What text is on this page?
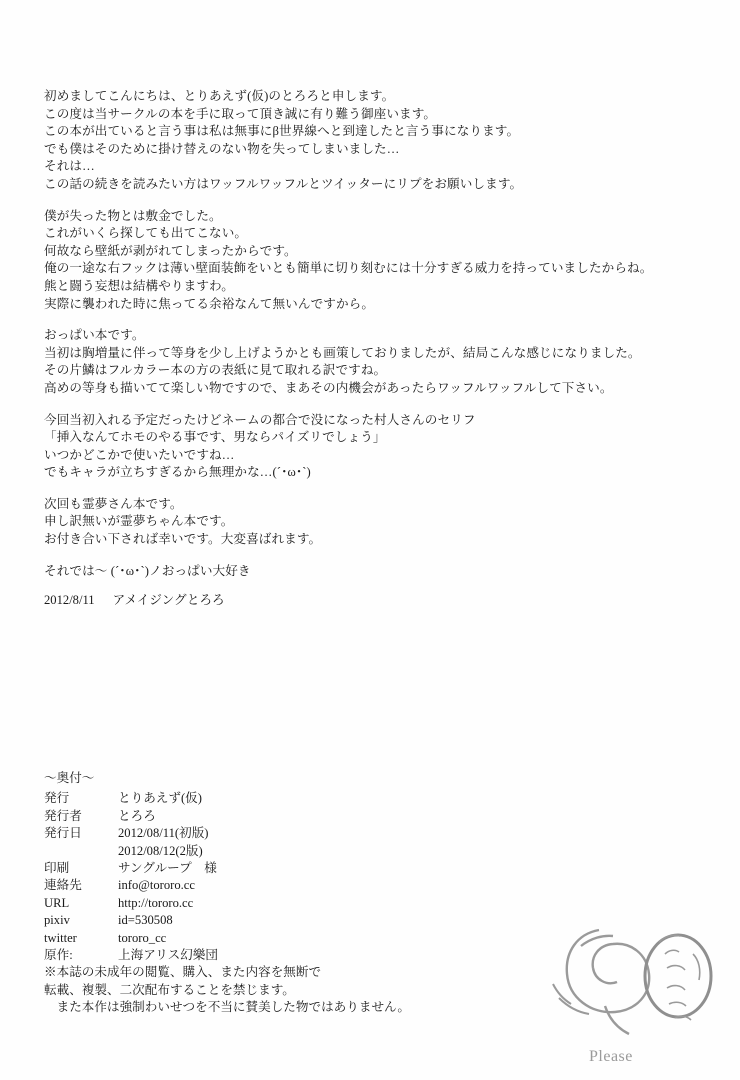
初めましてこんにちは、とりあえず(仮)のとろろと申します。
この度は当サークルの本を手に取って頂き誠に有り難う御座います。
この本が出ていると言う事は私は無事にβ世界線へと到達したと言う事になります。
でも僕はそのために掛け替えのない物を失ってしまいました…
それは…
この話の続きを読みたい方はワッフルワッフルとツイッターにリプをお願いします。
僕が失った物とは敷金でした。
これがいくら探しても出てこない。
何故なら壁紙が剥がれてしまったからです。
俺の一途な右フックは薄い壁面装飾をいとも簡単に切り刻むには十分すぎる威力を持っていましたからね。
熊と闘う妄想は結構やりますわ。
実際に襲われた時に焦ってる余裕なんて無いんですから。
おっぱい本です。
当初は胸増量に伴って等身を少し上げようかとも画策しておりましたが、結局こんな感じになりました。
その片鱗はフルカラー本の方の表紙に見て取れる訳ですね。
高めの等身も描いてて楽しい物ですので、まあその内機会があったらワッフルワッフルして下さい。
今回当初入れる予定だったけどネームの都合で没になった村人さんのセリフ
「挿入なんてホモのやる事です、男ならパイズリでしょう」
いつかどこかで使いたいですね…
でもキャラが立ちすぎるから無理かな…(´･ω･`)
次回も霊夢さん本です。
申し訳無いが霊夢ちゃん本です。
お付き合い下されば幸いです。大変喜ばれます。
それでは〜 (´･ω･`)ノおっぱい大好き
2012/8/11 アメイジングとろろ
〜奥付〜
発行	とりあえず(仮)
発行者	とろろ
発行日	2012/08/11(初版)
2012/08/12(2版)
印刷	サングループ　様
連絡先	info@tororo.cc
URL	http://tororo.cc
pixiv	id=530508
twitter	tororo_cc
原作:	上海アリス幻樂団
※本誌の未成年の閲覧、購入、また内容を無断で
転載、複製、二次配布することを禁じます。
　また本作は強制わいせつを不当に賛美した物ではありません。
Please
